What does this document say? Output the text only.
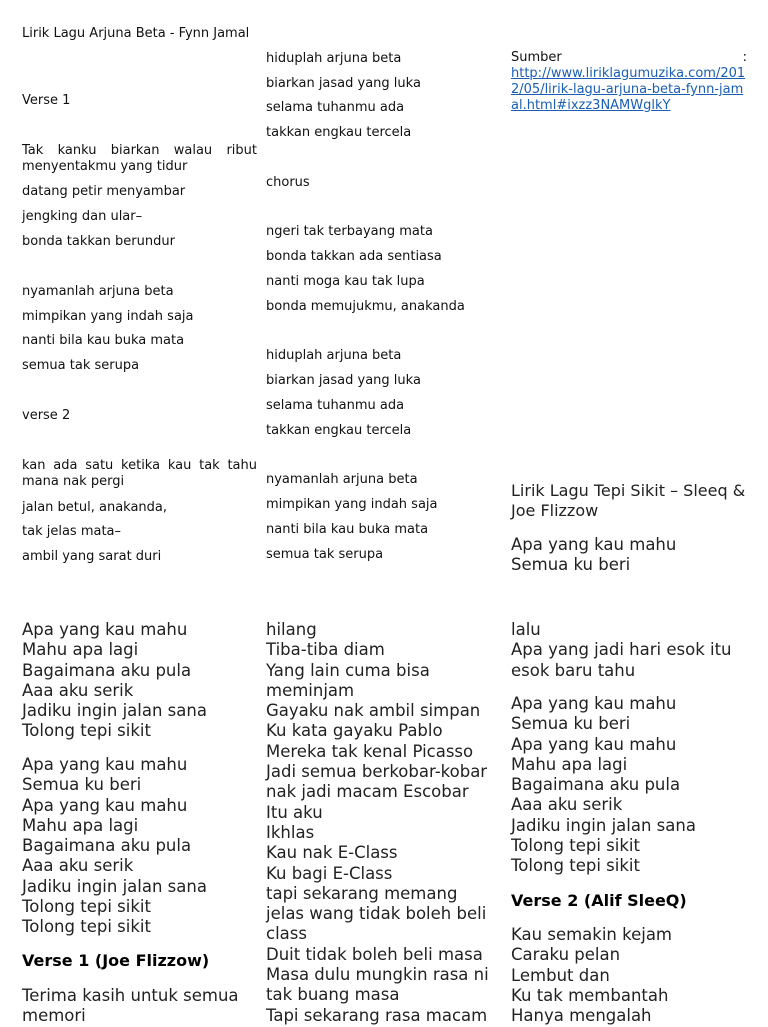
Lirik Lagu Arjuna Beta - Fynn Jamal

Verse 1

Tak kanku biarkan walau ribut menyentakmu yang tidur

datang petir menyambar
jengking dan ular–
bonda takkan berundur
nyamanlah arjuna beta
mimpikan yang indah saja
nanti bila kau buka mata
semua tak serupa
verse 2

kan ada satu ketika kau tak tahu mana nak pergi

jalan betul, anakanda,
tak jelas mata–
ambil yang sarat duri
hiduplah arjuna beta
biarkan jasad yang luka
selama tuhanmu ada
takkan engkau tercela
chorus
ngeri tak terbayang mata
bonda takkan ada sentiasa
nanti moga kau tak lupa
bonda memujukmu, anakanda
hiduplah arjuna beta
biarkan jasad yang luka
selama tuhanmu ada
takkan engkau tercela
nyamanlah arjuna beta
mimpikan yang indah saja
nanti bila kau buka mata
semua tak serupa
Sumber	:
http://www.liriklagumuzika.com/2012/05/lirik-lagu-arjuna-beta-fynn-jamal.html#ixzz3NAMWglkY

Lirik Lagu Tepi Sikit – Sleeq & Joe Flizzow

Apa yang kau mahu
Semua ku beri

Apa yang kau mahu
Mahu apa lagi
Bagaimana aku pula
Aaa aku serik
Jadiku ingin jalan sana
Tolong tepi sikit

Apa yang kau mahu
Semua ku beri
Apa yang kau mahu
Mahu apa lagi
Bagaimana aku pula
Aaa aku serik
Jadiku ingin jalan sana
Tolong tepi sikit
Tolong tepi sikit

Verse 1 (Joe Flizzow)

Terima kasih untuk semua
memori

hilang
Tiba-tiba diam
Yang lain cuma bisa
meminjam
Gayaku nak ambil simpan
Ku kata gayaku Pablo
Mereka tak kenal Picasso
Jadi semua berkobar-kobar
nak jadi macam Escobar
Itu aku
Ikhlas
Kau nak E-Class
Ku bagi E-Class
tapi sekarang memang
jelas wang tidak boleh beli
class
Duit tidak boleh beli masa
Masa dulu mungkin rasa ni
tak buang masa
Tapi sekarang rasa macam

lalu
Apa yang jadi hari esok itu
esok baru tahu

Apa yang kau mahu
Semua ku beri
Apa yang kau mahu
Mahu apa lagi
Bagaimana aku pula
Aaa aku serik
Jadiku ingin jalan sana
Tolong tepi sikit
Tolong tepi sikit

Verse 2 (Alif SleeQ)

Kau semakin kejam
Caraku pelan
Lembut dan
Ku tak membantah
Hanya mengalah
